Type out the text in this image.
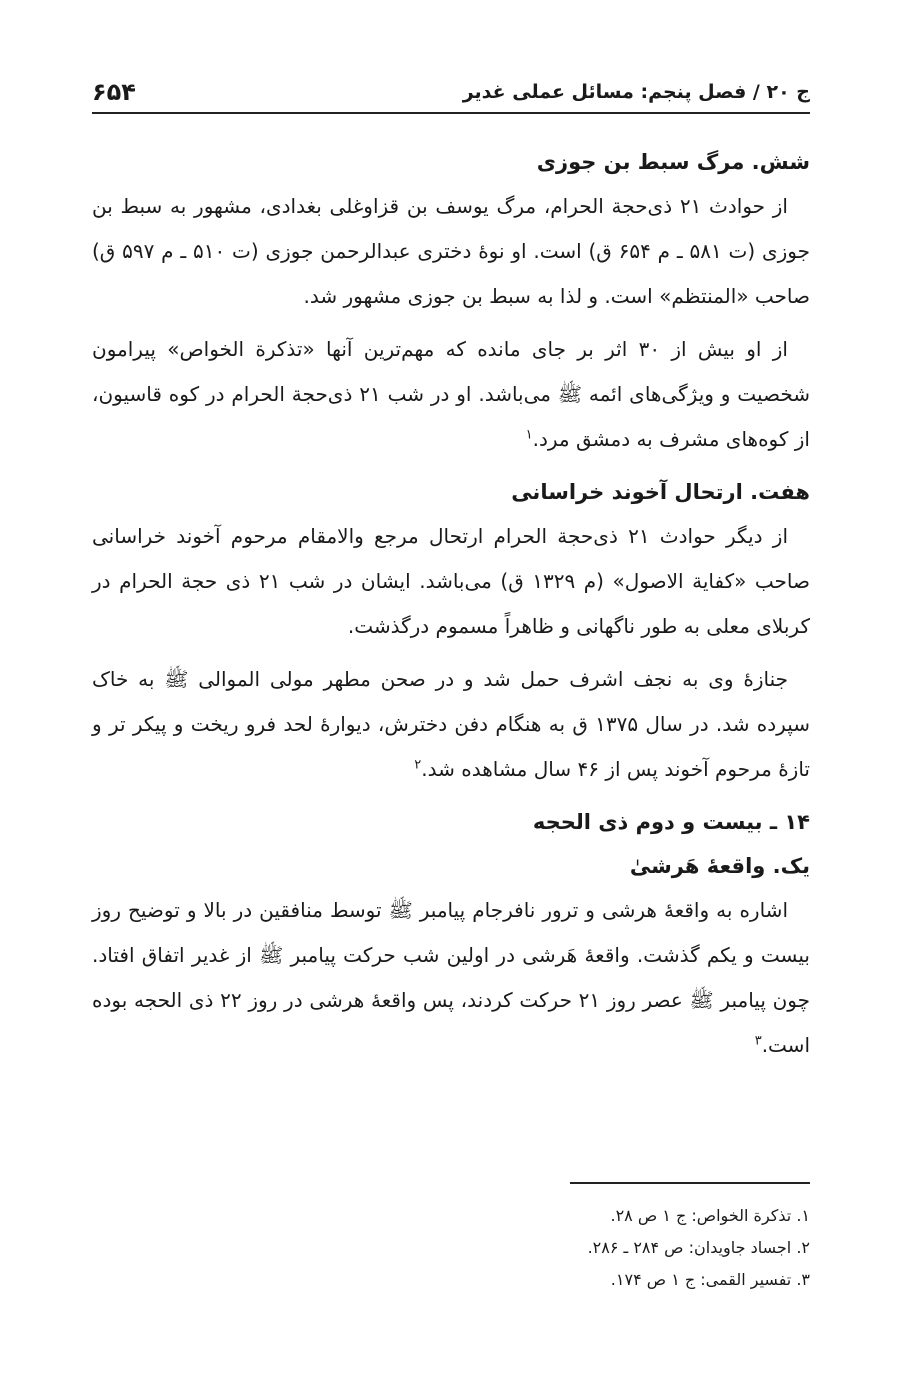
ج ۲۰ / فصل پنجم: مسائل عملی غدیر
۶۵۴
شش. مرگ سبط بن جوزی

از حوادث ۲۱ ذی‌حجة الحرام، مرگ یوسف بن قزاوغلی بغدادی، مشهور به سبط بن جوزی (ت ۵۸۱ ـ م ۶۵۴ ق) است. او نوهٔ دختری عبدالرحمن جوزی (ت ۵۱۰ ـ م ۵۹۷ ق) صاحب «المنتظم» است. و لذا به سبط بن جوزی مشهور شد.

از او بیش از ۳۰ اثر بر جای مانده که مهم‌ترین آنها «تذکرة الخواص» پیرامون شخصیت و ویژگی‌های ائمه ﷺ می‌باشد. او در شب ۲۱ ذی‌حجة الحرام در کوه قاسیون، از کوه‌های مشرف به دمشق مرد.$^۱$

هفت. ارتحال آخوند خراسانی

از دیگر حوادث ۲۱ ذی‌حجة الحرام ارتحال مرجع والامقام مرحوم آخوند خراسانی صاحب «کفایة الاصول» (م ۱۳۲۹ ق) می‌باشد. ایشان در شب ۲۱ ذی حجة الحرام در کربلای معلی به طور ناگهانی و ظاهراً مسموم درگذشت.

جنازهٔ وی به نجف اشرف حمل شد و در صحن مطهر مولی الموالی ﷺ به خاک سپرده شد. در سال ۱۳۷۵ ق به هنگام دفن دخترش، دیوارهٔ لحد فرو ریخت و پیکر تر و تازهٔ مرحوم آخوند پس از ۴۶ سال مشاهده شد.$^۲$

۱۴ ـ بیست و دوم ذی الحجه
یک. واقعهٔ هَرشیٰ

اشاره به واقعهٔ هرشی و ترور نافرجام پیامبر ﷺ توسط منافقین در بالا و توضیح روز بیست و یکم گذشت. واقعهٔ هَرشی در اولین شب حرکت پیامبر ﷺ از غدیر اتفاق افتاد. چون پیامبر ﷺ عصر روز ۲۱ حرکت کردند، پس واقعهٔ هرشی در روز ۲۲ ذی الحجه بوده است.$^۳$

۱. تذکرة الخواص: ج ۱ ص ۲۸.

۲. اجساد جاویدان: ص ۲۸۴ ـ ۲۸۶.

۳. تفسیر القمی: ج ۱ ص ۱۷۴.
